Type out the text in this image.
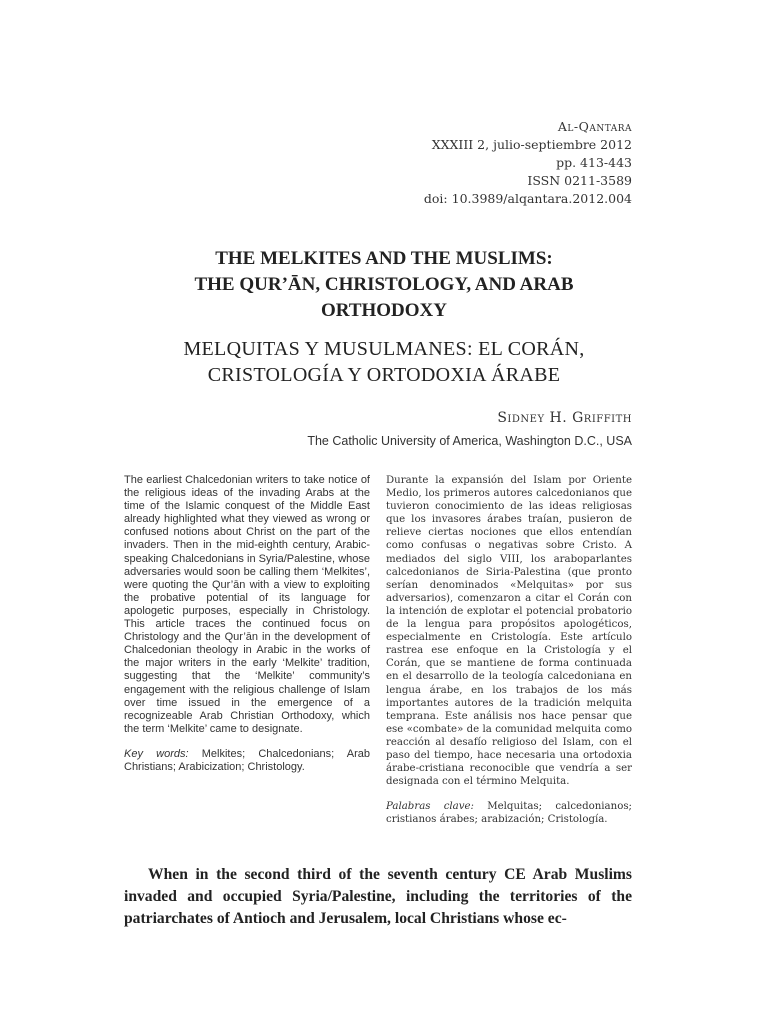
Al-Qantara
XXXIII 2, julio-septiembre 2012
pp. 413-443
ISSN 0211-3589
doi: 10.3989/alqantara.2012.004
THE MELKITES AND THE MUSLIMS:
THE QUR’ĀN, CHRISTOLOGY, AND ARAB
ORTHODOXY
MELQUITAS Y MUSULMANES: EL CORÁN,
CRISTOLOGÍA Y ORTODOXIA ÁRABE
Sidney H. Griffith
The Catholic University of America, Washington D.C., USA

The earliest Chalcedonian writers to take notice of the religious ideas of the invading Arabs at the time of the Islamic conquest of the Middle East already highlighted what they viewed as wrong or confused notions about Christ on the part of the invaders. Then in the mid-eighth century, Arabic-speaking Chalcedonians in Syria/Palestine, whose adversaries would soon be calling them ‘Melkites’, were quoting the Qur’ān with a view to exploiting the probative potential of its language for apologetic purposes, especially in Christology. This article traces the continued focus on Christology and the Qur’ān in the development of Chalcedonian theology in Arabic in the works of the major writers in the early ‘Melkite’ tradition, suggesting that the ‘Melkite’ community’s engagement with the religious challenge of Islam over time issued in the emergence of a recognizeable Arab Christian Orthodoxy, which the term ‘Melkite’ came to designate.

Key words: Melkites; Chalcedonians; Arab Christians; Arabicization; Christology.

Durante la expansión del Islam por Oriente Medio, los primeros autores calcedonianos que tuvieron conocimiento de las ideas religiosas que los invasores árabes traían, pusieron de relieve ciertas nociones que ellos entendían como confusas o negativas sobre Cristo. A mediados del siglo VIII, los araboparlantes calcedonianos de Siria-Palestina (que pronto serían denominados «Melquitas» por sus adversarios), comenzaron a citar el Corán con la intención de explotar el potencial probatorio de la lengua para propósitos apologéticos, especialmente en Cristología. Este artículo rastrea ese enfoque en la Cristología y el Corán, que se mantiene de forma continuada en el desarrollo de la teología calcedoniana en lengua árabe, en los trabajos de los más importantes autores de la tradición melquita temprana. Este análisis nos hace pensar que ese «combate» de la comunidad melquita como reacción al desafío religioso del Islam, con el paso del tiempo, hace necesaria una ortodoxia árabe-cristiana reconocible que vendría a ser designada con el término Melquita.

Palabras clave: Melquitas; calcedonianos; cristianos árabes; arabización; Cristología.

When in the second third of the seventh century CE Arab Muslims invaded and occupied Syria/Palestine, including the territories of the patriarchates of Antioch and Jerusalem, local Christians whose ec-
